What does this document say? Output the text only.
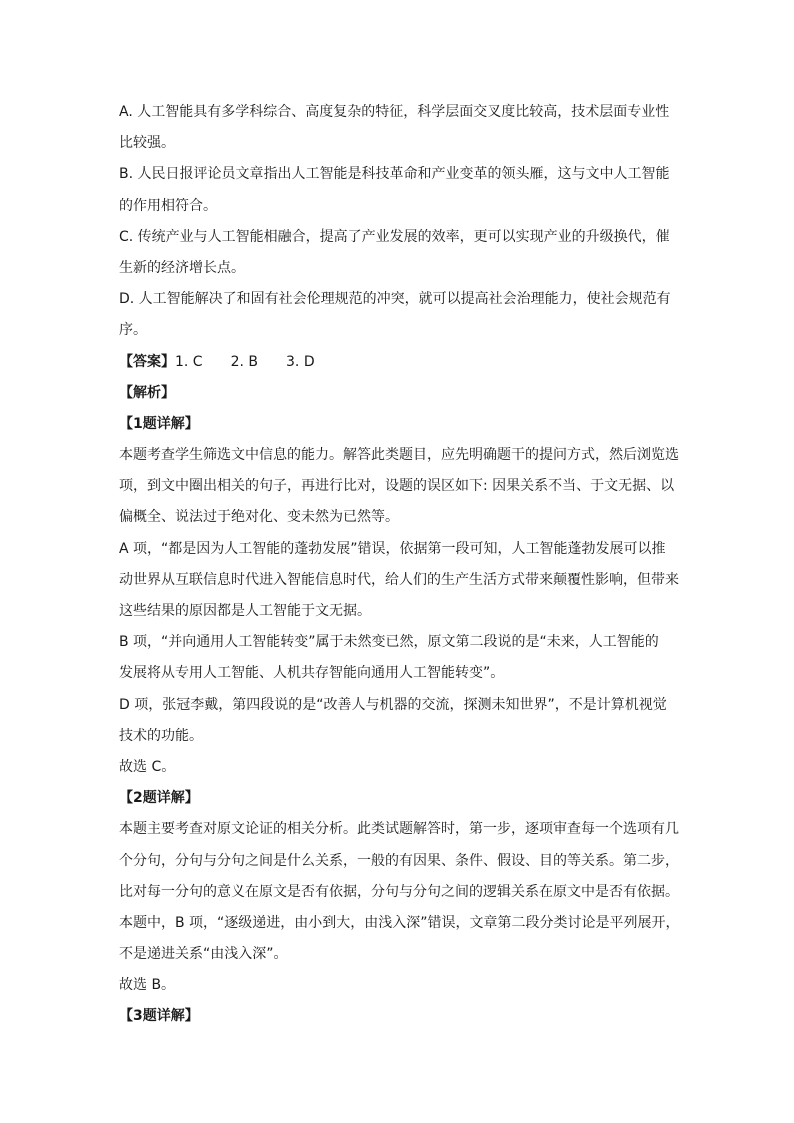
A. 人工智能具有多学科综合、高度复杂的特征，科学层面交叉度比较高，技术层面专业性

比较强。

B. 人民日报评论员文章指出人工智能是科技革命和产业变革的领头雁，这与文中人工智能

的作用相符合。

C. 传统产业与人工智能相融合，提高了产业发展的效率，更可以实现产业的升级换代，催

生新的经济增长点。

D. 人工智能解决了和固有社会伦理规范的冲突，就可以提高社会治理能力，使社会规范有

序。

【答案】1. C 2. B 3. D

【解析】

【1题详解】

本题考查学生筛选文中信息的能力。解答此类题目，应先明确题干的提问方式，然后浏览选

项，到文中圈出相关的句子，再进行比对，设题的误区如下: 因果关系不当、于文无据、以

偏概全、说法过于绝对化、变未然为已然等。

A 项，“都是因为人工智能的蓬勃发展”错误，依据第一段可知，人工智能蓬勃发展可以推

动世界从互联信息时代进入智能信息时代，给人们的生产生活方式带来颠覆性影响，但带来

这些结果的原因都是人工智能于文无据。

B 项，“并向通用人工智能转变”属于未然变已然，原文第二段说的是“未来，人工智能的

发展将从专用人工智能、人机共存智能向通用人工智能转变”。

D 项，张冠李戴，第四段说的是“改善人与机器的交流，探测未知世界”，不是计算机视觉

技术的功能。

故选 C。

【2题详解】

本题主要考查对原文论证的相关分析。此类试题解答时，第一步，逐项审查每一个选项有几

个分句，分句与分句之间是什么关系，一般的有因果、条件、假设、目的等关系。第二步，

比对每一分句的意义在原文是否有依据，分句与分句之间的逻辑关系在原文中是否有依据。

本题中，B 项，“逐级递进，由小到大，由浅入深”错误，文章第二段分类讨论是平列展开，

不是递进关系“由浅入深”。

故选 B。

【3题详解】
